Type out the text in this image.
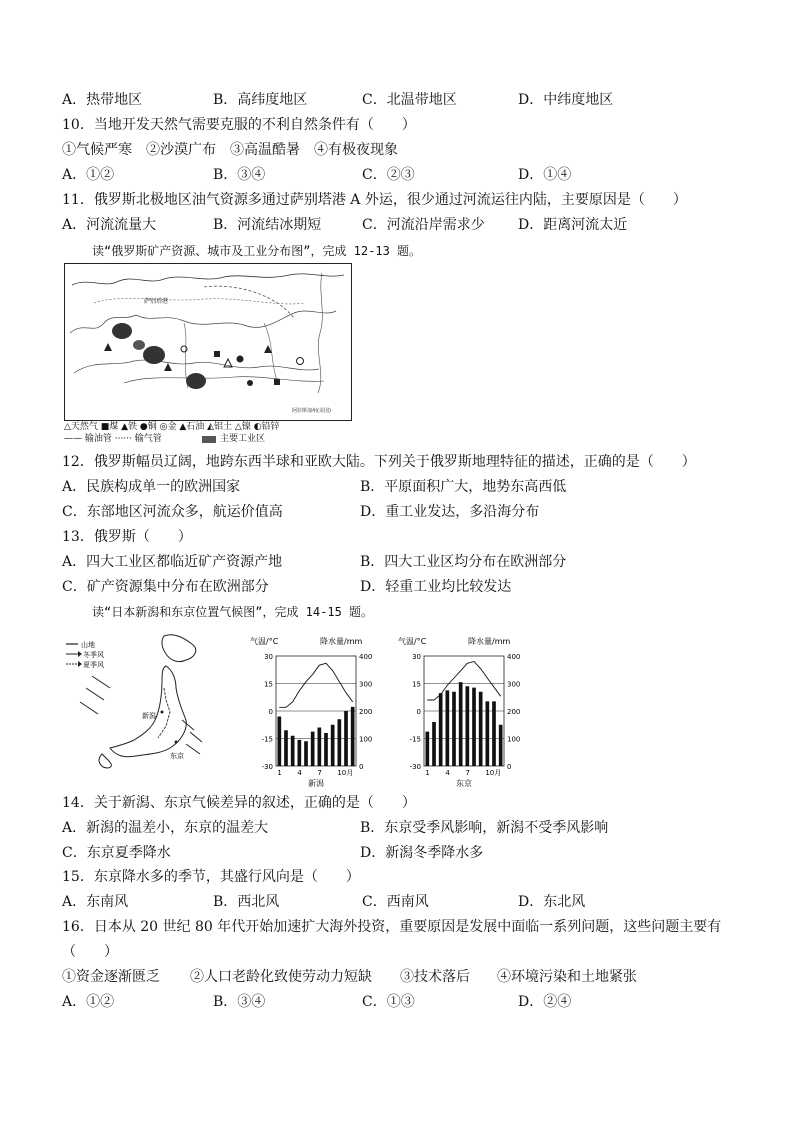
A．热带地区	B．高纬度地区	C．北温带地区	D．中纬度地区
10．当地开发天然气需要克服的不利自然条件有（　　）
①气候严寒　②沙漠广布　③高温酷暑　④有极夜现象
A．①②	B．③④	C．②③	D．①④
11．俄罗斯北极地区油气资源多通过萨别塔港 A 外运，很少通过河流运往内陆，主要原因是（　　）
A．河流流量大	B．河流结冰期短	C．河流沿岸需求少 D．距离河流太近
读“俄罗斯矿产资源、城市及工业分布图”，完成 12-13 题。
萨别塔港
阿拉斯加州(美国)
△天然气 ■煤 ▲铁 ●铜 ◎金 ▲石油 ◭铝土 △镍 ◐铅锌
—— 输油管 ······ 输气管	主要工业区
12．俄罗斯幅员辽阔，地跨东西半球和亚欧大陆。下列关于俄罗斯地理特征的描述，正确的是（　　）
A．民族构成单一的欧洲国家	B．平原面积广大，地势东高西低
C．东部地区河流众多，航运价值高	D．重工业发达，多沿海分布
13．俄罗斯（　　）
A．四大工业区都临近矿产资源产地	B．四大工业区均分布在欧洲部分
C．矿产资源集中分布在欧洲部分	D．轻重工业均比较发达
读“日本新潟和东京位置气候图”，完成 14-15 题。
山地
冬季风
夏季风
新潟
东京
气温/°C	降水量/mm
30
15
0
-15
-30
400
300
200
100
0
1 4 7 10月
新潟
气温/°C	降水量/mm
30
15
0
-15
-30
400
300
200
100
0
1 4 7 10月
东京
14．关于新潟、东京气候差异的叙述，正确的是（　　）
A．新潟的温差小，东京的温差大	B．东京受季风影响，新潟不受季风影响
C．东京夏季降水	D．新潟冬季降水多
15．东京降水多的季节，其盛行风向是（　　）
A．东南风	B．西北风	C．西南风	D．东北风
16．日本从 20 世纪 80 年代开始加速扩大海外投资，重要原因是发展中面临一系列问题，这些问题主要有
（　　）
①资金逐渐匮乏 ②人口老龄化致使劳动力短缺 ③技术落后 ④环境污染和土地紧张
A．①②	B．③④	C．①③	D．②④
